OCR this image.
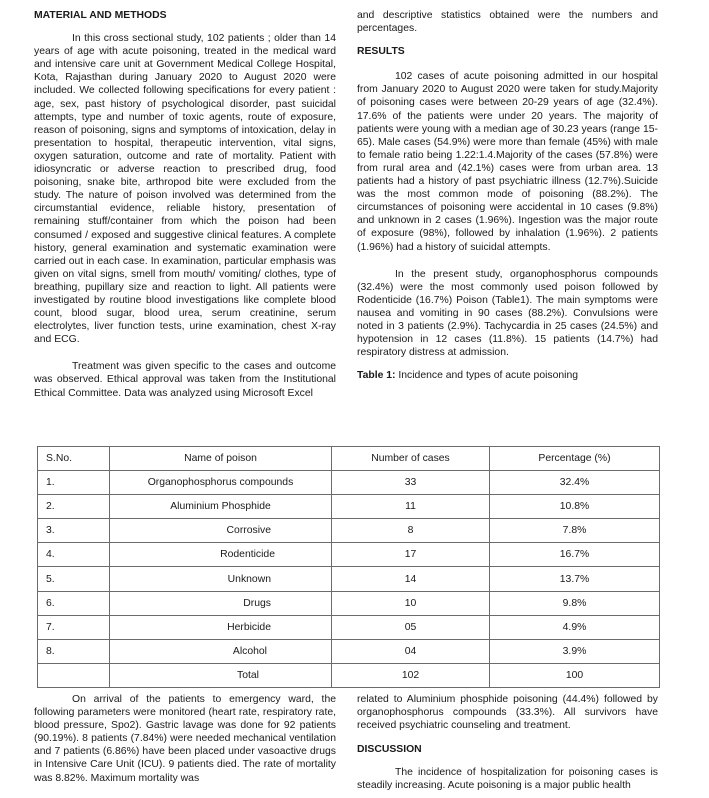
MATERIAL AND METHODS

In this cross sectional study, 102 patients ; older than 14 years of age with acute poisoning, treated in the medical ward and intensive care unit at Government Medical College Hospital, Kota, Rajasthan during January 2020 to August 2020 were included. We collected following specifications for every patient : age, sex, past history of psychological disorder, past suicidal attempts, type and number of toxic agents, route of exposure, reason of poisoning, signs and symptoms of intoxication, delay in presentation to hospital, therapeutic intervention, vital signs, oxygen saturation, outcome and rate of mortality. Patient with idiosyncratic or adverse reaction to prescribed drug, food poisoning, snake bite, arthropod bite were excluded from the study. The nature of poison involved was determined from the circumstantial evidence, reliable history, presentation of remaining stuff/container from which the poison had been consumed / exposed and suggestive clinical features. A complete history, general examination and systematic examination were carried out in each case. In examination, particular emphasis was given on vital signs, smell from mouth/ vomiting/ clothes, type of breathing, pupillary size and reaction to light. All patients were investigated by routine blood investigations like complete blood count, blood sugar, blood urea, serum creatinine, serum electrolytes, liver function tests, urine examination, chest X-ray and ECG.

Treatment was given specific to the cases and outcome was observed. Ethical approval was taken from the Institutional Ethical Committee. Data was analyzed using Microsoft Excel

and descriptive statistics obtained were the numbers and percentages.

RESULTS

102 cases of acute poisoning admitted in our hospital from January 2020 to August 2020 were taken for study.Majority of poisoning cases were between 20-29 years of age (32.4%). 17.6% of the patients were under 20 years. The majority of patients were young with a median age of 30.23 years (range 15-65). Male cases (54.9%) were more than female (45%) with male to female ratio being 1.22:1.4.Majority of the cases (57.8%) were from rural area and (42.1%) cases were from urban area. 13 patients had a history of past psychiatric illness (12.7%).Suicide was the most common mode of poisoning (88.2%). The circumstances of poisoning were accidental in 10 cases (9.8%) and unknown in 2 cases (1.96%). Ingestion was the major route of exposure (98%), followed by inhalation (1.96%). 2 patients (1.96%) had a history of suicidal attempts.

In the present study, organophosphorus compounds (32.4%) were the most commonly used poison followed by Rodenticide (16.7%) Poison (Table1). The main symptoms were nausea and vomiting in 90 cases (88.2%). Convulsions were noted in 3 patients (2.9%). Tachycardia in 25 cases (24.5%) and hypotension in 12 cases (11.8%). 15 patients (14.7%) had respiratory distress at admission.

Table 1: Incidence and types of acute poisoning

S.No.	Name of poison	Number of cases	Percentage (%)
1.	Organophosphorus compounds	33	32.4%
2.	Aluminium Phosphide	11	10.8%
3.	Corrosive	8	7.8%
4.	Rodenticide	17	16.7%
5.	Unknown	14	13.7%
6.	Drugs	10	9.8%
7.	Herbicide	05	4.9%
8.	Alcohol	04	3.9%
	Total	102	100

On arrival of the patients to emergency ward, the following parameters were monitored (heart rate, respiratory rate, blood pressure, Spo2). Gastric lavage was done for 92 patients (90.19%). 8 patients (7.84%) were needed mechanical ventilation and 7 patients (6.86%) have been placed under vasoactive drugs in Intensive Care Unit (ICU). 9 patients died. The rate of mortality was 8.82%. Maximum mortality was

related to Aluminium phosphide poisoning (44.4%) followed by organophosphorus compounds (33.3%). All survivors have received psychiatric counseling and treatment.

DISCUSSION

The incidence of hospitalization for poisoning cases is steadily increasing. Acute poisoning is a major public health
